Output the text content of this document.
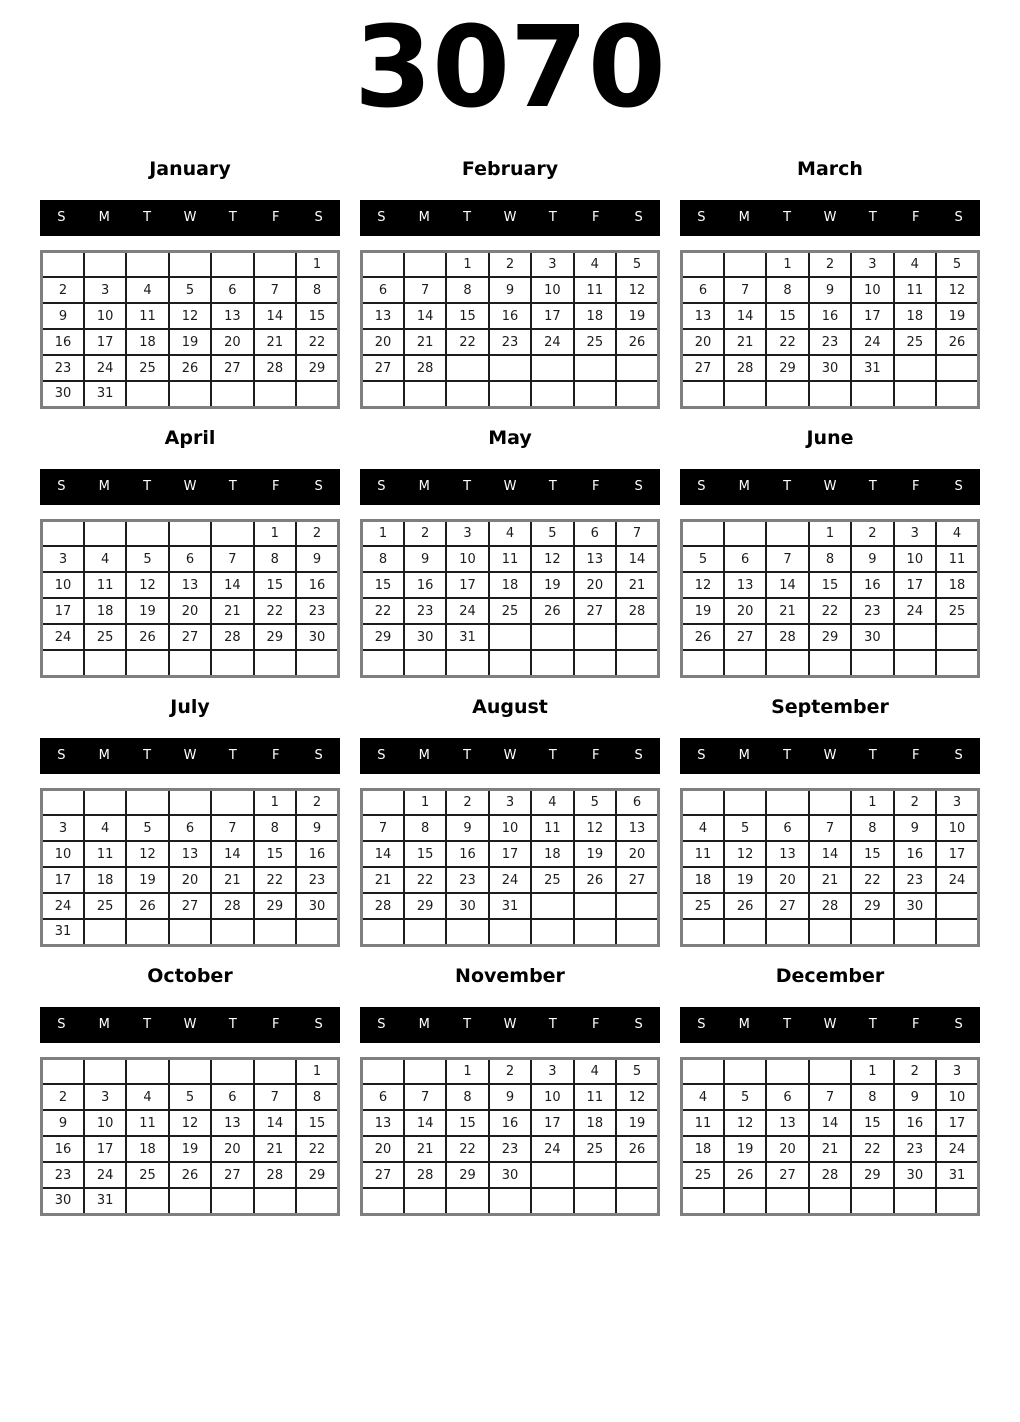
3070
January
S	M	T	W	T	F	S
						1
2	3	4	5	6	7	8
9	10	11	12	13	14	15
16	17	18	19	20	21	22
23	24	25	26	27	28	29
30	31					
February
S	M	T	W	T	F	S
		1	2	3	4	5
6	7	8	9	10	11	12
13	14	15	16	17	18	19
20	21	22	23	24	25	26
27	28					

March
S	M	T	W	T	F	S
		1	2	3	4	5
6	7	8	9	10	11	12
13	14	15	16	17	18	19
20	21	22	23	24	25	26
27	28	29	30	31		

April
S	M	T	W	T	F	S
					1	2
3	4	5	6	7	8	9
10	11	12	13	14	15	16
17	18	19	20	21	22	23
24	25	26	27	28	29	30

May
S	M	T	W	T	F	S
1	2	3	4	5	6	7
8	9	10	11	12	13	14
15	16	17	18	19	20	21
22	23	24	25	26	27	28
29	30	31				

June
S	M	T	W	T	F	S
			1	2	3	4
5	6	7	8	9	10	11
12	13	14	15	16	17	18
19	20	21	22	23	24	25
26	27	28	29	30		

July
S	M	T	W	T	F	S
					1	2
3	4	5	6	7	8	9
10	11	12	13	14	15	16
17	18	19	20	21	22	23
24	25	26	27	28	29	30
31						
August
S	M	T	W	T	F	S
	1	2	3	4	5	6
7	8	9	10	11	12	13
14	15	16	17	18	19	20
21	22	23	24	25	26	27
28	29	30	31			

September
S	M	T	W	T	F	S
				1	2	3
4	5	6	7	8	9	10
11	12	13	14	15	16	17
18	19	20	21	22	23	24
25	26	27	28	29	30	

October
S	M	T	W	T	F	S
						1
2	3	4	5	6	7	8
9	10	11	12	13	14	15
16	17	18	19	20	21	22
23	24	25	26	27	28	29
30	31					
November
S	M	T	W	T	F	S
		1	2	3	4	5
6	7	8	9	10	11	12
13	14	15	16	17	18	19
20	21	22	23	24	25	26
27	28	29	30			

December
S	M	T	W	T	F	S
				1	2	3
4	5	6	7	8	9	10
11	12	13	14	15	16	17
18	19	20	21	22	23	24
25	26	27	28	29	30	31
